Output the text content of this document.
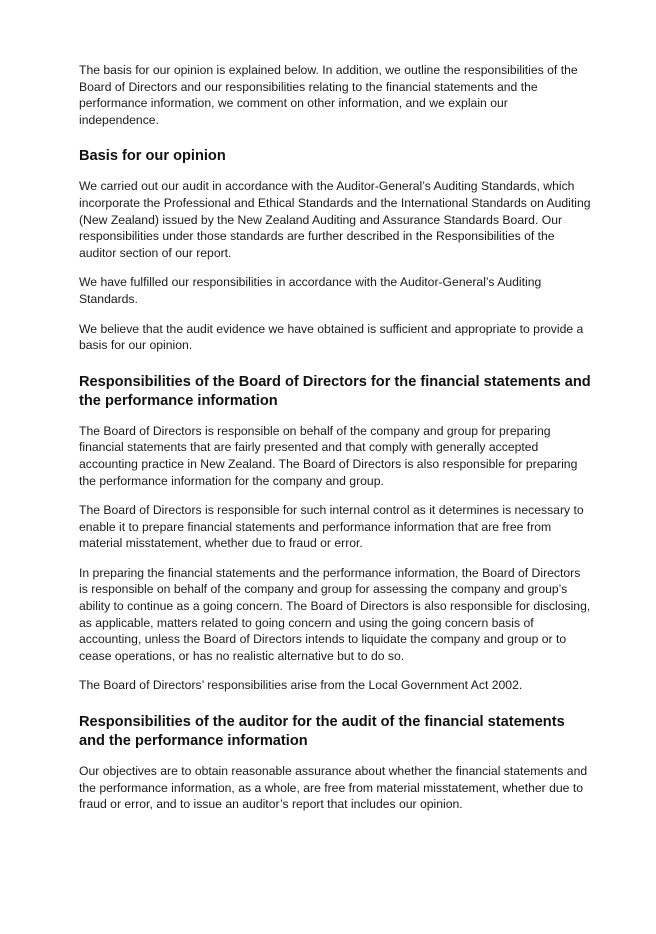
The basis for our opinion is explained below. In addition, we outline the responsibilities of the Board of Directors and our responsibilities relating to the financial statements and the performance information, we comment on other information, and we explain our independence.

Basis for our opinion

We carried out our audit in accordance with the Auditor-General’s Auditing Standards, which incorporate the Professional and Ethical Standards and the International Standards on Auditing (New Zealand) issued by the New Zealand Auditing and Assurance Standards Board. Our responsibilities under those standards are further described in the Responsibilities of the auditor section of our report.

We have fulfilled our responsibilities in accordance with the Auditor-General’s Auditing Standards.

We believe that the audit evidence we have obtained is sufficient and appropriate to provide a basis for our opinion.

Responsibilities of the Board of Directors for the financial statements and the performance information

The Board of Directors is responsible on behalf of the company and group for preparing financial statements that are fairly presented and that comply with generally accepted accounting practice in New Zealand. The Board of Directors is also responsible for preparing the performance information for the company and group.

The Board of Directors is responsible for such internal control as it determines is necessary to enable it to prepare financial statements and performance information that are free from material misstatement, whether due to fraud or error.

In preparing the financial statements and the performance information, the Board of Directors is responsible on behalf of the company and group for assessing the company and group’s ability to continue as a going concern. The Board of Directors is also responsible for disclosing, as applicable, matters related to going concern and using the going concern basis of accounting, unless the Board of Directors intends to liquidate the company and group or to cease operations, or has no realistic alternative but to do so.

The Board of Directors’ responsibilities arise from the Local Government Act 2002.

Responsibilities of the auditor for the audit of the financial statements and the performance information

Our objectives are to obtain reasonable assurance about whether the financial statements and the performance information, as a whole, are free from material misstatement, whether due to fraud or error, and to issue an auditor’s report that includes our opinion.
